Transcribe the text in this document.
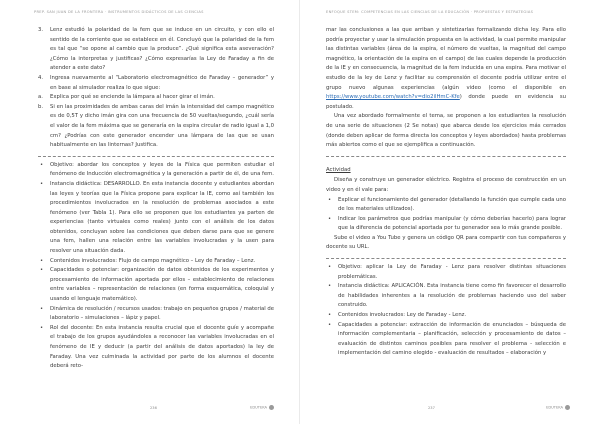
PREP. SAN JUAN DE LA FRONTERA · INSTRUMENTOS DIDÁCTICOS DE LAS CIENCIAS
3.	Lenz estudió la polaridad de la fem que se induce en un circuito, y con ello el sentido de la corriente que se establece en él. Concluyó que la polaridad de la fem es tal que “se opone al cambio que la produce”. ¿Qué significa esta aseveración? ¿Cómo la interpretas y justificas? ¿Cómo expresarías la Ley de Faraday a fin de atender a este dato?
4.	Ingresa nuevamente al “Laboratorio electromagnético de Faraday – generador” y en base al simulador realiza lo que sigue:
a.	Explica por qué se enciende la lámpara al hacer girar el imán.
b.	Si en las proximidades de ambas caras del imán la intensidad del campo magnético es de 0,5T y dicho imán gira con una frecuencia de 50 vueltas/segundo, ¿cuál sería el valor de la fem máxima que se generaría en la espira circular de radio igual a 1,0 cm? ¿Podrías con este generador encender una lámpara de las que se usan habitualmente en las linternas? Justifica.
•	Objetivo: abordar los conceptos y leyes de la Física que permiten estudiar el fenómeno de Inducción electromagnética y la generación a partir de él, de una fem.
•	Instancia didáctica: DESARROLLO. En esta instancia docente y estudiantes abordan las leyes y teorías que la Física propone para explicar la IE, como así también los procedimientos involucrados en la resolución de problemas asociados a este fenómeno (ver Tabla 1). Para ello se proponen que los estudiantes ya parten de experiencias (tanto virtuales como reales) junto con el análisis de los datos obtenidos, concluyan sobre las condiciones que deben darse para que se genere una fem, hallen una relación entre las variables involucradas y la usen para resolver una situación dada.
•	Contenidos involucrados: Flujo de campo magnético – Ley de Faraday – Lenz.
•	Capacidades o potenciar: organización de datos obtenidos de los experimentos y procesamiento de información aportada por ellos – establecimiento de relaciones entre variables – representación de relaciones (en forma esquemática, coloquial y usando el lenguaje matemático).
•	Dinámica de resolución / recursos usados: trabajo en pequeños grupos / material de laboratorio – simulaciones – lápiz y papel.
•	Rol del docente: En esta instancia resulta crucial que el docente guíe y acompañe el trabajo de los grupos ayudándoles a reconocer las variables involucradas en el fenómeno de IE y deducir (a partir del análisis de datos aportados) la ley de Faraday. Una vez culminada la actividad por parte de los alumnos el docente deberá reto-
236	EDUTEKA
ENFOQUE STEM: COMPETENCIAS EN LAS CIENCIAS DE LA EDUCACIÓN · PROPUESTAS Y ESTRATEGIAS

mar las conclusiones a las que arriban y sintetizarlas formalizando dicha ley. Para ello podría proyectar y usar la simulación propuesta en la actividad, la cual permite manipular las distintas variables (área de la espira, el número de vueltas, la magnitud del campo magnético, la orientación de la espira en el campo) de las cuales depende la producción de la IE y en consecuencia, la magnitud de la fem inducida en una espira. Para motivar el estudio de la ley de Lenz y facilitar su comprensión el docente podría utilizar entre el grupo nuevo algunas experiencias (algún video (como el disponible en https://www.youtube.com/watch?v=dio2ilHmC-Kfe) donde puede en evidencia su postulado.

Una vez abordado formalmente el tema, se proponen a los estudiantes la resolución de una serie de situaciones (2 Se notas) que abarca desde los ejercicios más cerrados (donde deben aplicar de forma directa los conceptos y leyes abordados) hasta problemas más abiertos como el que se ejemplifica a continuación.

Actividad

Diseña y construye un generador eléctrico. Registra el proceso de construcción en un video y en él vale para:

•	Explicar el funcionamiento del generador (detallando la función que cumple cada uno de los materiales utilizados).
•	Indicar los parámetros que podrías manipular (y cómo deberías hacerlo) para lograr que la diferencia de potencial aportada por tu generador sea lo más grande posible.

Sube el video a You Tube y genera un código QR para compartir con tus compañeros y docente su URL.

•	Objetivo: aplicar la Ley de Faraday - Lenz para resolver distintas situaciones problemáticas.
•	Instancia didáctica: APLICACIÓN. Esta instancia tiene como fin favorecer el desarrollo de habilidades inherentes a la resolución de problemas haciendo uso del saber construido.
•	Contenidos involucrados: Ley de Faraday - Lenz.
•	Capacidades a potenciar: extracción de información de enunciados – búsqueda de información complementaria – planificación, selección y procesamiento de datos – evaluación de distintos caminos posibles para resolver el problema - selección e implementación del camino elegido - evaluación de resultados – elaboración y
237	EDUTEKA
